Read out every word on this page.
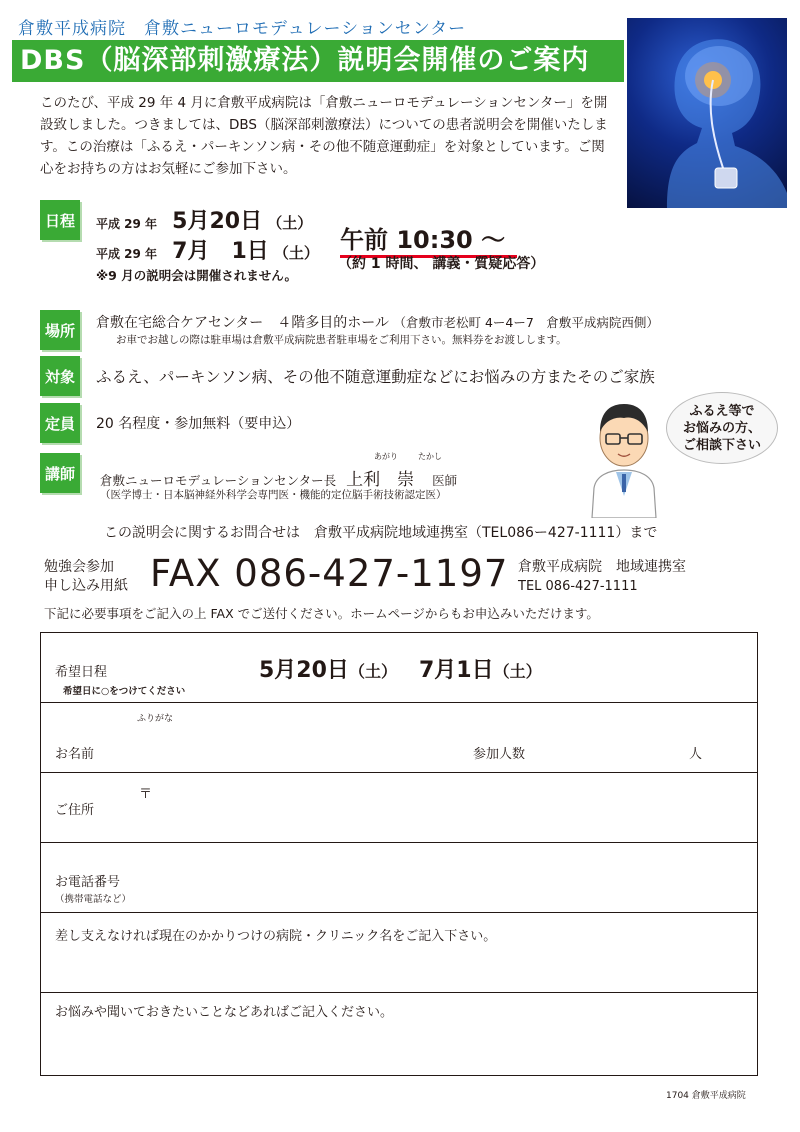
倉敷平成病院　倉敷ニューロモデュレーションセンター
DBS（脳深部刺激療法）説明会開催のご案内
このたび、平成 29 年 4 月に倉敷平成病院は「倉敷ニューロモデュレーションセンター」を開設致しました。つきましては、DBS（脳深部刺激療法）についての患者説明会を開催いたします。この治療は「ふるえ・パーキンソン病・その他不随意運動症」を対象としています。ご関心をお持ちの方はお気軽にご参加下さい。
日程	平成 29 年 5月20日 （土）
平成 29 年 7月　1日 （土） 午前 10:30 ～
（約 1 時間、 講義・質疑応答）
※9 月の説明会は開催されません。
場所	倉敷在宅総合ケアセンター　４階多目的ホール （倉敷市老松町 4ー4ー7　倉敷平成病院西側）
お車でお越しの際は駐車場は倉敷平成病院患者駐車場をご利用下さい。無料券をお渡しします。
対象	ふるえ、パーキンソン病、その他不随意運動症などにお悩みの方またそのご家族
定員	20 名程度・参加無料（要申込）
講師
あがり	たかし
倉敷ニューロモデュレーションセンター長 上利　崇 医師
（医学博士・日本脳神経外科学会専門医・機能的定位脳手術技術認定医）
ふるえ等で
お悩みの方、
ご相談下さい
この説明会に関するお問合せは　倉敷平成病院地域連携室（TEL086ー427-1111）まで
勉強会参加
申し込み用紙 FAX 086-427-1197 倉敷平成病院　地域連携室
TEL 086-427-1111
下記に必要事項をご記入の上 FAX でご送付ください。ホームページからもお申込みいただけます。
希望日程
希望日に○をつけてください
5月20日（土） 7月1日（土）
ふりがな
お名前	参加人数	人
〒
ご住所
お電話番号
（携帯電話など）
差し支えなければ現在のかかりつけの病院・クリニック名をご記入下さい。
お悩みや聞いておきたいことなどあればご記入ください。
1704 倉敷平成病院
